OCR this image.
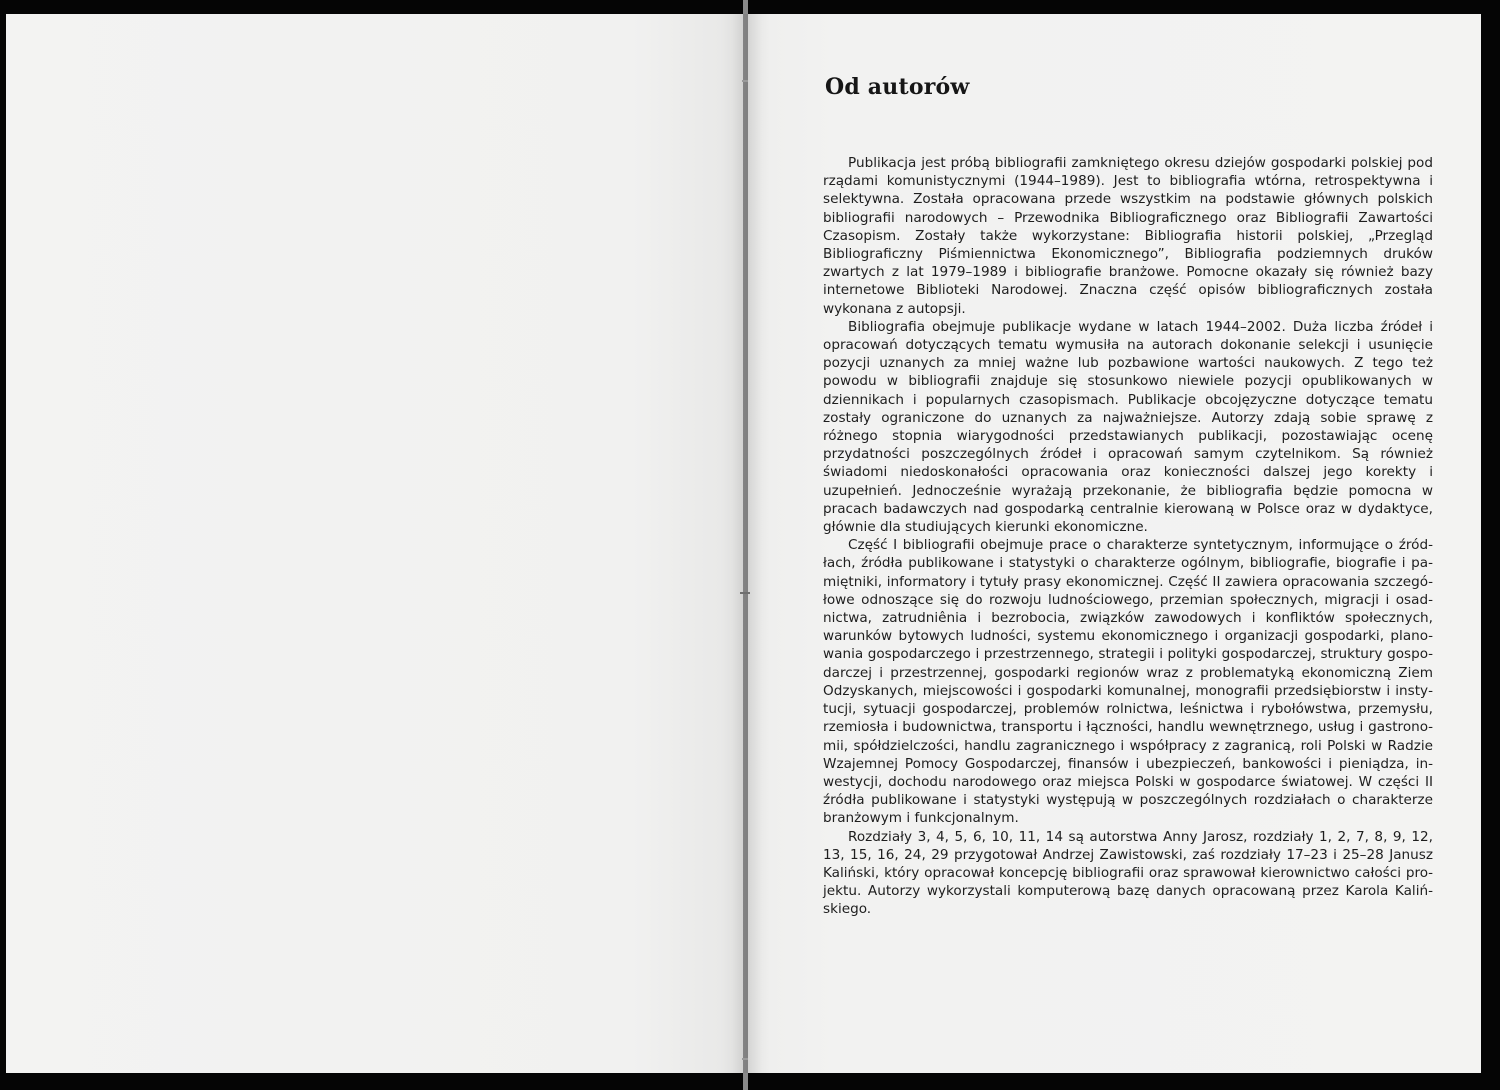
Od autorów

Publikacja jest próbą bibliografii zamkniętego okresu dziejów gospodarki polskiej pod rządami komunistycznymi (1944–1989). Jest to bibliografia wtórna, retrospektywna i selektywna. Została opracowana przede wszystkim na podstawie głównych polskich bibliografii narodowych – Przewodnika Bibliograficznego oraz Bibliografii Zawartości Czasopism. Zostały także wykorzystane: Bibliografia historii polskiej, „Przegląd Bibliograficzny Piśmiennictwa Ekonomicznego”, Bibliografia podziemnych druków zwartych z lat 1979–1989 i bibliografie branżowe. Pomocne okazały się również bazy internetowe Biblioteki Narodowej. Znaczna część opisów bibliograficznych została wykonana z autopsji.

Bibliografia obejmuje publikacje wydane w latach 1944–2002. Duża liczba źródeł i opracowań dotyczących tematu wymusiła na autorach dokonanie selekcji i usunięcie pozycji uznanych za mniej ważne lub pozbawione wartości naukowych. Z tego też powodu w bibliografii znajduje się stosunkowo niewiele pozycji opublikowanych w dziennikach i popularnych czasopismach. Publikacje obcojęzyczne dotyczące tematu zostały ograniczone do uznanych za najważniejsze. Autorzy zdają sobie sprawę z różnego stopnia wiarygodności przedstawianych publikacji, pozostawiając ocenę przydatności poszczególnych źródeł i opracowań samym czytelnikom. Są również świadomi niedoskonałości opracowania oraz konieczności dalszej jego korekty i uzupełnień. Jednocześnie wyrażają przekonanie, że bibliografia będzie pomocna w pracach badawczych nad gospodarką centralnie kierowaną w Polsce oraz w dydaktyce, głównie dla studiujących kierunki ekonomiczne.

Część I bibliografii obejmuje prace o charakterze syntetycznym, informujące o źródłach, źródła publikowane i statystyki o charakterze ogólnym, bibliografie, biografie i pamiętniki, informatory i tytuły prasy ekonomicznej. Część II zawiera opracowania szczegółowe odnoszące się do rozwoju ludnościowego, przemian społecznych, migracji i osadnictwa, zatrudniênia i bezrobocia, związków zawodowych i konfliktów społecznych, warunków bytowych ludności, systemu ekonomicznego i organizacji gospodarki, planowania gospodarczego i przestrzennego, strategii i polityki gospodarczej, struktury gospodarczej i przestrzennej, gospodarki regionów wraz z problematyką ekonomiczną Ziem Odzyskanych, miejscowości i gospodarki komunalnej, monografii przedsiębiorstw i instytucji, sytuacji gospodarczej, problemów rolnictwa, leśnictwa i rybołówstwa, przemysłu, rzemiosła i budownictwa, transportu i łączności, handlu wewnętrznego, usług i gastronomii, spółdzielczości, handlu zagranicznego i współpracy z zagranicą, roli Polski w Radzie Wzajemnej Pomocy Gospodarczej, finansów i ubezpieczeń, bankowości i pieniądza, inwestycji, dochodu narodowego oraz miejsca Polski w gospodarce światowej. W części II źródła publikowane i statystyki występują w poszczególnych rozdziałach o charakterze branżowym i funkcjonalnym.

Rozdziały 3, 4, 5, 6, 10, 11, 14 są autorstwa Anny Jarosz, rozdziały 1, 2, 7, 8, 9, 12, 13, 15, 16, 24, 29 przygotował Andrzej Zawistowski, zaś rozdziały 17–23 i 25–28 Janusz Kaliński, który opracował koncepcję bibliografii oraz sprawował kierownictwo całości projektu. Autorzy wykorzystali komputerową bazę danych opracowaną przez Karola Kalińskiego.
